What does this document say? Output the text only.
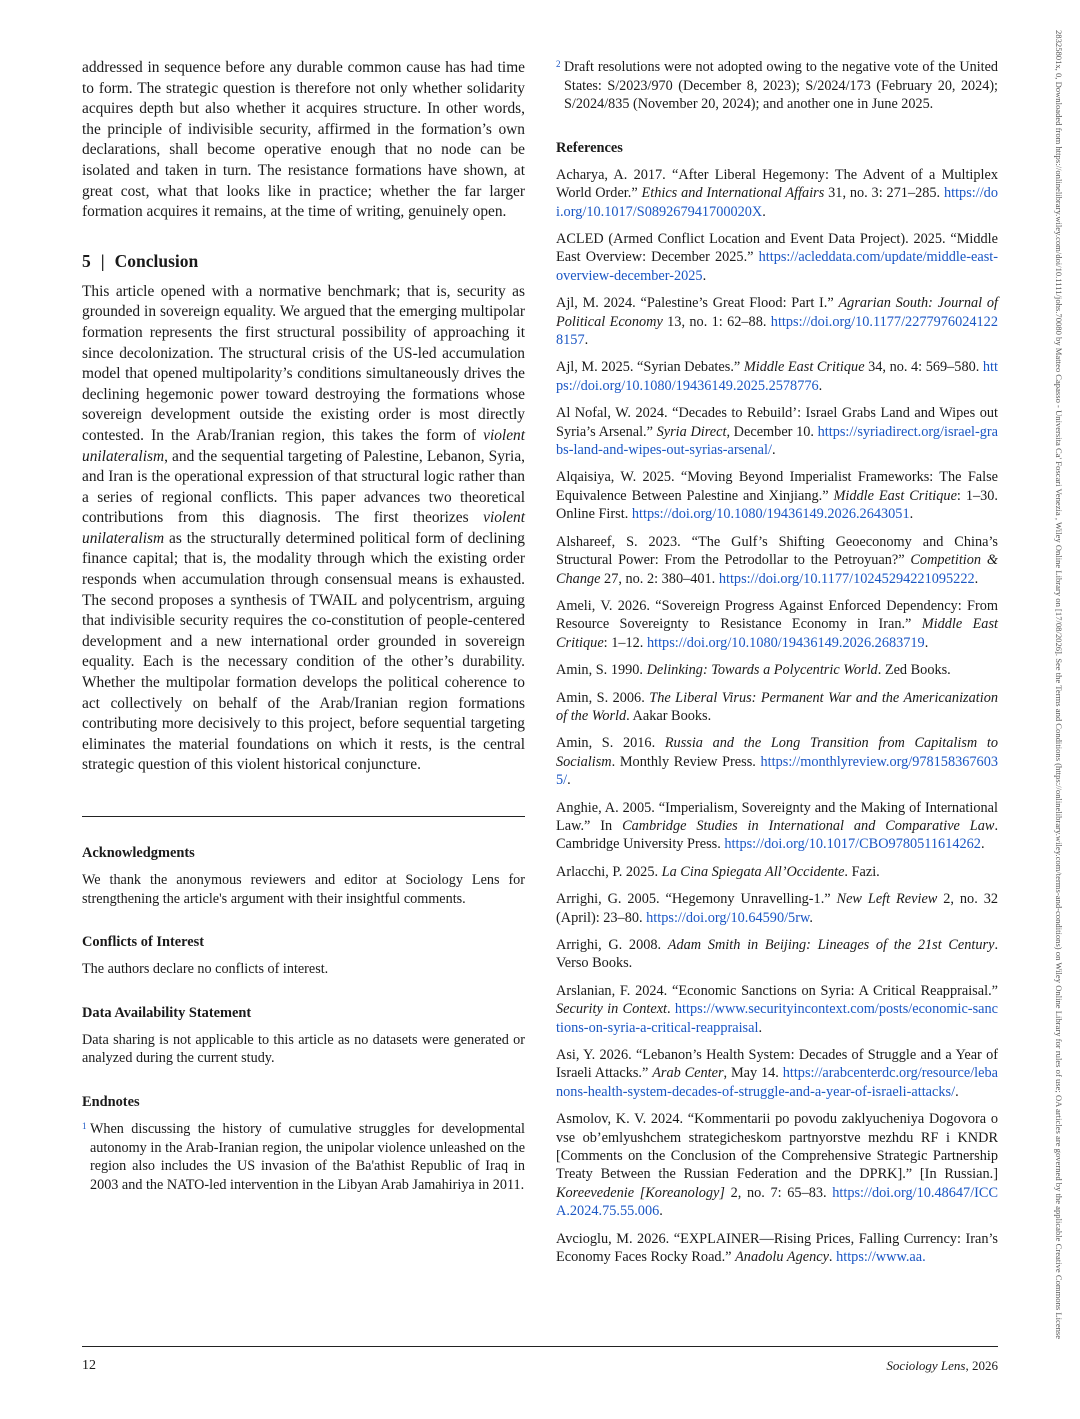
addressed in sequence before any durable common cause has had time to form. The strategic question is therefore not only whether solidarity acquires depth but also whether it acquires structure. In other words, the principle of indivisible security, affirmed in the formation’s own declarations, shall become operative enough that no node can be isolated and taken in turn. The resistance formations have shown, at great cost, what that looks like in practice; whether the far larger formation acquires it remains, at the time of writing, genuinely open.

5 | Conclusion

This article opened with a normative benchmark; that is, security as grounded in sovereign equality. We argued that the emerging multipolar formation represents the first structural possibility of approaching it since decolonization. The structural crisis of the US-led accumulation model that opened multipolarity’s conditions simultaneously drives the declining hegemonic power toward destroying the formations whose sovereign development outside the existing order is most directly contested. In the Arab/Iranian region, this takes the form of violent unilateralism, and the sequential targeting of Palestine, Lebanon, Syria, and Iran is the operational expression of that structural logic rather than a series of regional conflicts. This paper advances two theoretical contributions from this diagnosis. The first theorizes violent unilateralism as the structurally determined political form of declining finance capital; that is, the modality through which the existing order responds when accumulation through consensual means is exhausted. The second proposes a synthesis of TWAIL and polycentrism, arguing that indivisible security requires the co-constitution of people-centered development and a new international order grounded in sovereign equality. Each is the necessary condition of the other’s durability. Whether the multipolar formation develops the political coherence to act collectively on behalf of the Arab/Iranian region formations contributing more decisively to this project, before sequential targeting eliminates the material foundations on which it rests, is the central strategic question of this violent historical conjuncture.

Acknowledgments

We thank the anonymous reviewers and editor at Sociology Lens for strengthening the article's argument with their insightful comments.

Conflicts of Interest

The authors declare no conflicts of interest.

Data Availability Statement

Data sharing is not applicable to this article as no datasets were generated or analyzed during the current study.

Endnotes
1 When discussing the history of cumulative struggles for developmental autonomy in the Arab-Iranian region, the unipolar violence unleashed on the region also includes the US invasion of the Ba'athist Republic of Iraq in 2003 and the NATO-led intervention in the Libyan Arab Jamahiriya in 2011.
2 Draft resolutions were not adopted owing to the negative vote of the United States: S/2023/970 (December 8, 2023); S/2024/173 (February 20, 2024); S/2024/835 (November 20, 2024); and another one in June 2025.
References

Acharya, A. 2017. “After Liberal Hegemony: The Advent of a Multiplex World Order.” Ethics and International Affairs 31, no. 3: 271–285. https://doi.org/10.1017/S089267941700020X.

ACLED (Armed Conflict Location and Event Data Project). 2025. “Middle East Overview: December 2025.” https://acleddata.com/update/middle-east-overview-december-2025.

Ajl, M. 2024. “Palestine’s Great Flood: Part I.” Agrarian South: Journal of Political Economy 13, no. 1: 62–88. https://doi.org/10.1177/22779760241228157.

Ajl, M. 2025. “Syrian Debates.” Middle East Critique 34, no. 4: 569–580. https://doi.org/10.1080/19436149.2025.2578776.

Al Nofal, W. 2024. “Decades to Rebuild’: Israel Grabs Land and Wipes out Syria’s Arsenal.” Syria Direct, December 10. https://syriadirect.org/israel-grabs-land-and-wipes-out-syrias-arsenal/.

Alqaisiya, W. 2025. “Moving Beyond Imperialist Frameworks: The False Equivalence Between Palestine and Xinjiang.” Middle East Critique: 1–30. Online First. https://doi.org/10.1080/19436149.2026.2643051.

Alshareef, S. 2023. “The Gulf’s Shifting Geoeconomy and China’s Structural Power: From the Petrodollar to the Petroyuan?” Competition & Change 27, no. 2: 380–401. https://doi.org/10.1177/10245294221095222.

Ameli, V. 2026. “Sovereign Progress Against Enforced Dependency: From Resource Sovereignty to Resistance Economy in Iran.” Middle East Critique: 1–12. https://doi.org/10.1080/19436149.2026.2683719.

Amin, S. 1990. Delinking: Towards a Polycentric World. Zed Books.

Amin, S. 2006. The Liberal Virus: Permanent War and the Americanization of the World. Aakar Books.

Amin, S. 2016. Russia and the Long Transition from Capitalism to Socialism. Monthly Review Press. https://monthlyreview.org/9781583676035/.

Anghie, A. 2005. “Imperialism, Sovereignty and the Making of International Law.” In Cambridge Studies in International and Comparative Law. Cambridge University Press. https://doi.org/10.1017/CBO9780511614262.

Arlacchi, P. 2025. La Cina Spiegata All’Occidente. Fazi.

Arrighi, G. 2005. “Hegemony Unravelling-1.” New Left Review 2, no. 32 (April): 23–80. https://doi.org/10.64590/5rw.

Arrighi, G. 2008. Adam Smith in Beijing: Lineages of the 21st Century. Verso Books.

Arslanian, F. 2024. “Economic Sanctions on Syria: A Critical Reappraisal.” Security in Context. https://www.securityincontext.com/posts/economic-sanctions-on-syria-a-critical-reappraisal.

Asi, Y. 2026. “Lebanon’s Health System: Decades of Struggle and a Year of Israeli Attacks.” Arab Center, May 14. https://arabcenterdc.org/resource/lebanons-health-system-decades-of-struggle-and-a-year-of-israeli-attacks/.

Asmolov, K. V. 2024. “Kommentarii po povodu zaklyucheniya Dogovora o vse ob’emlyushchem strategicheskom partnyorstve mezhdu RF i KNDR [Comments on the Conclusion of the Comprehensive Strategic Partnership Treaty Between the Russian Federation and the DPRK].” [In Russian.] Koreevedenie [Koreanology] 2, no. 7: 65–83. https://doi.org/10.48647/ICCA.2024.75.55.006.

Avcioglu, M. 2026. “EXPLAINER—Rising Prices, Falling Currency: Iran’s Economy Faces Rocky Road.” Anadolu Agency. https://www.aa.

12	Sociology Lens, 2026
28325801x, 0, Downloaded from https://onlinelibrary.wiley.com/doi/10.1111/johs.70080 by Matteo Capasso - Universita Ca' Foscari Venezia , Wiley Online Library on [17/08/2026]. See the Terms and Conditions (https://onlinelibrary.wiley.com/terms-and-conditions) on Wiley Online Library for rules of use; OA articles are governed by the applicable Creative Commons License
